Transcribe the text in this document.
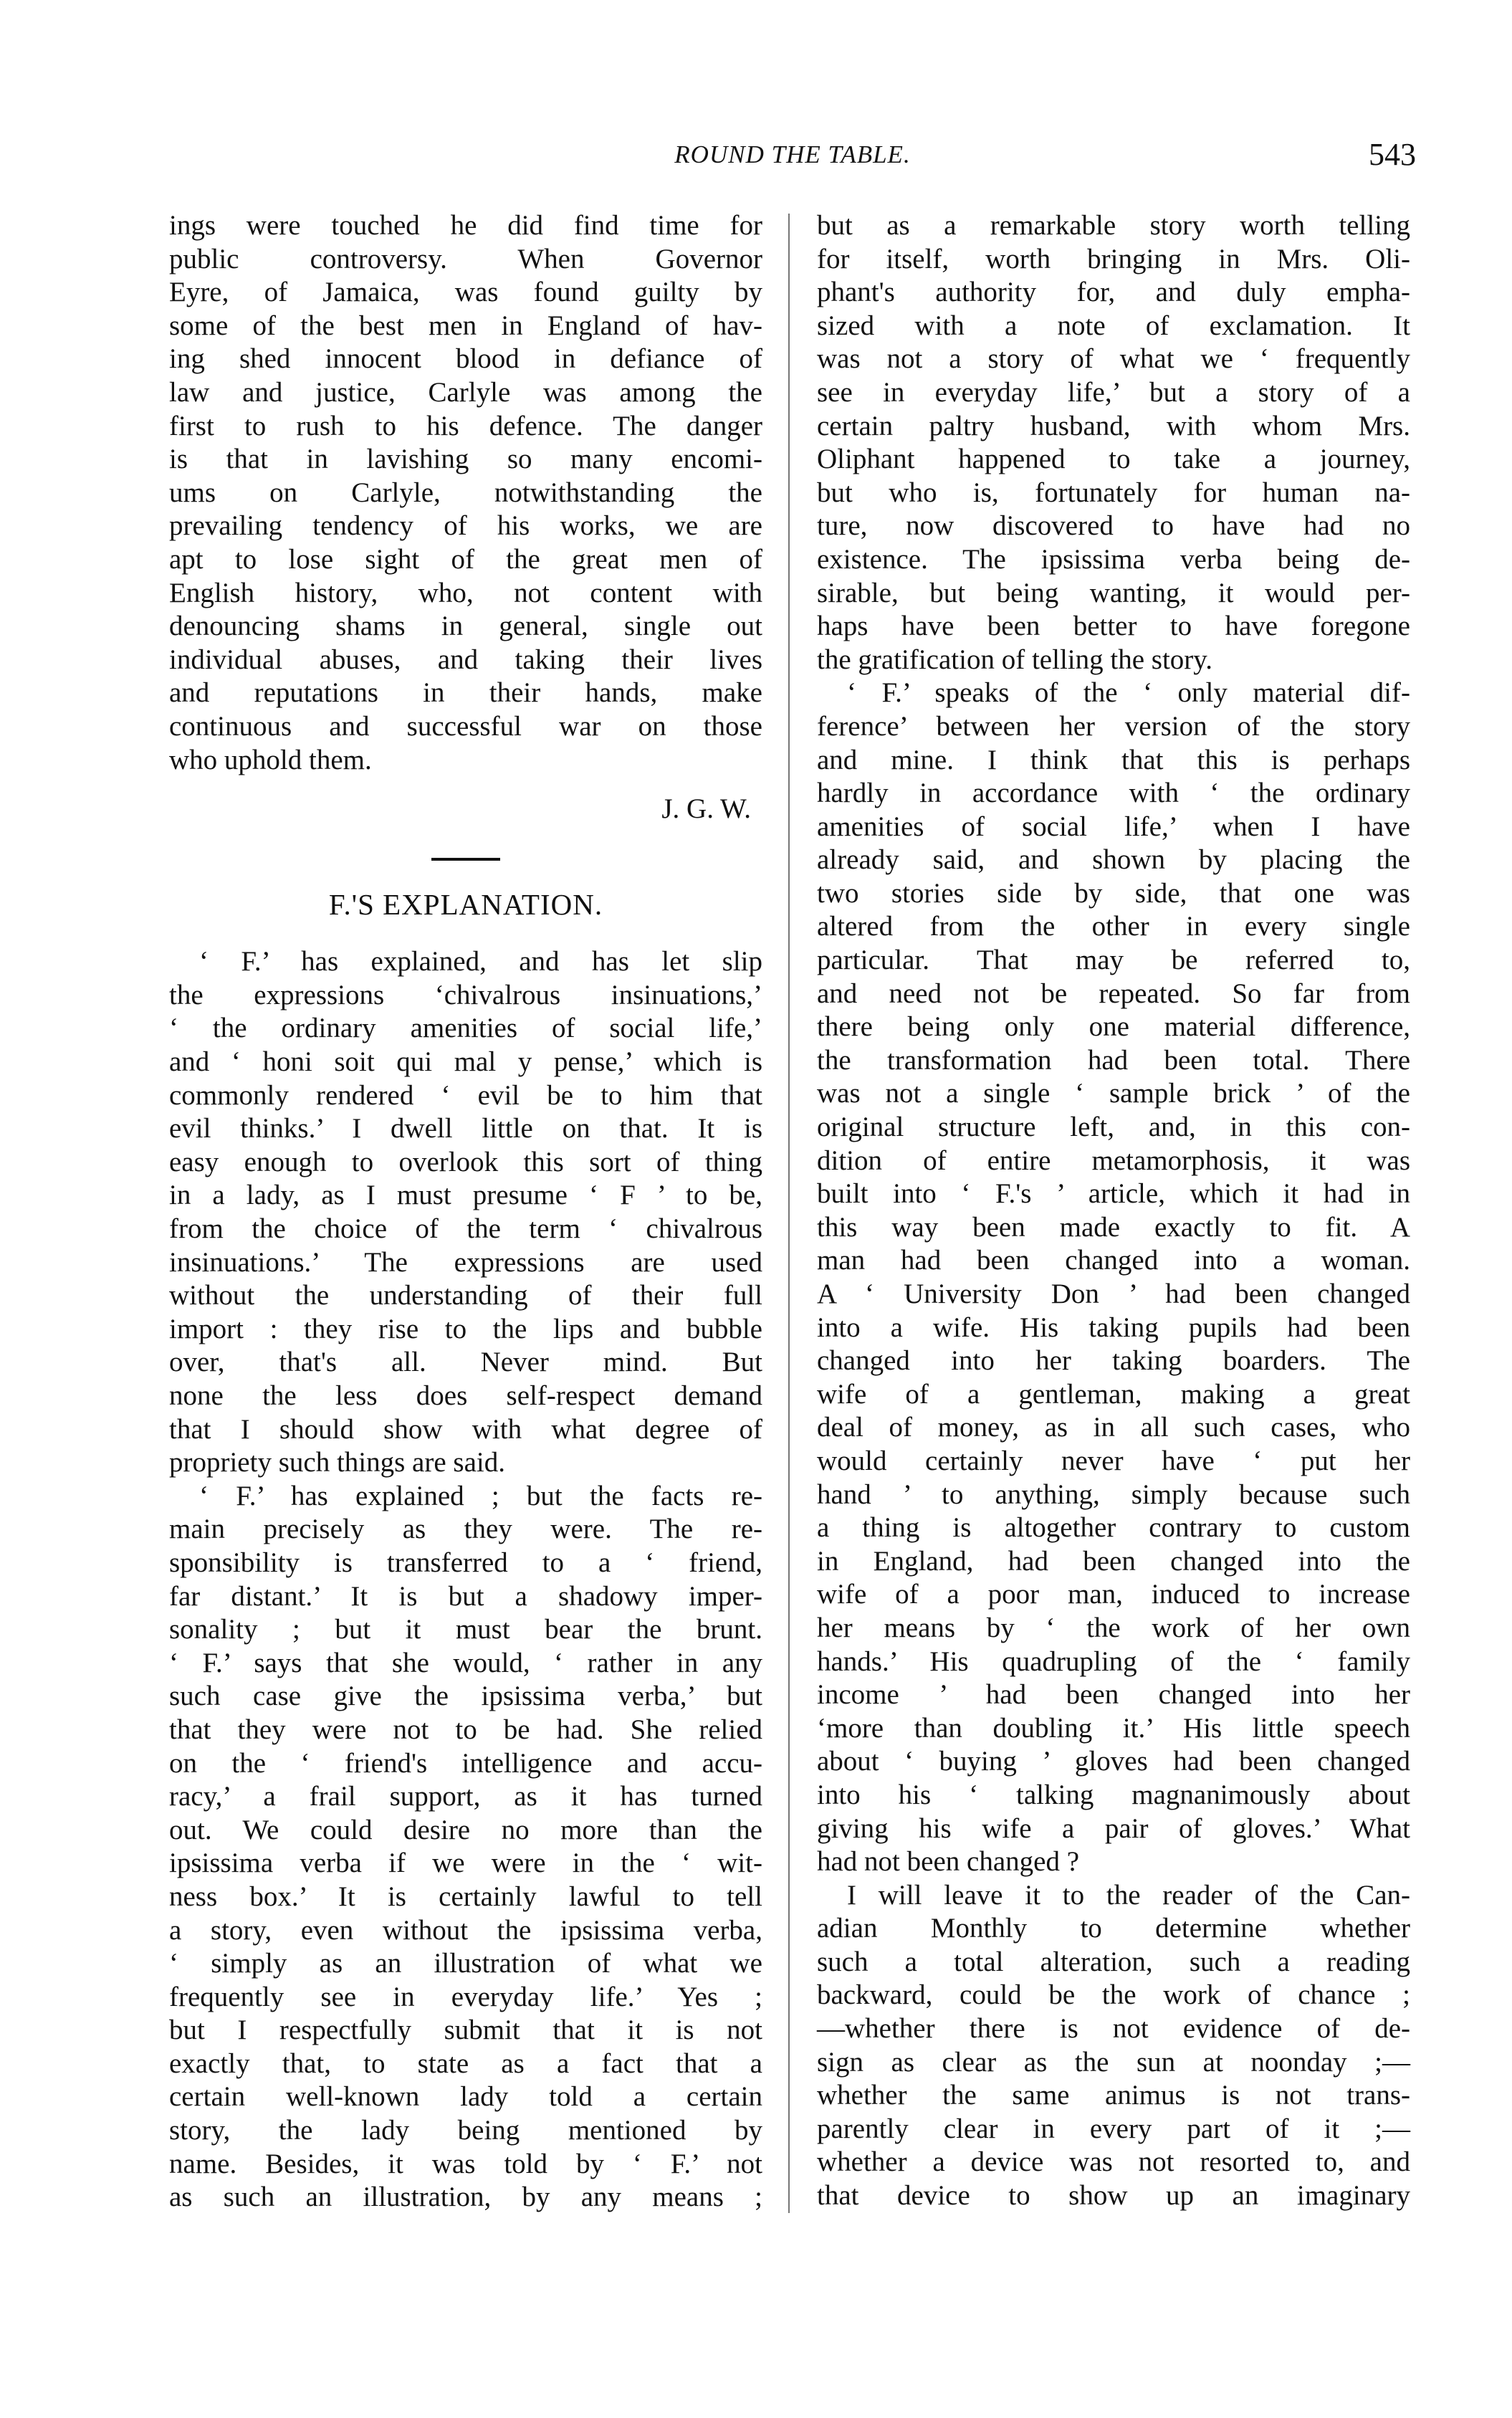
ROUND THE TABLE.	543
ings were touched he did find time for
public controversy. When Governor
Eyre, of Jamaica, was found guilty by
some of the best men in England of hav-
ing shed innocent blood in defiance of
law and justice, Carlyle was among the
first to rush to his defence. The danger
is that in lavishing so many encomi-
ums on Carlyle, notwithstanding the
prevailing tendency of his works, we are
apt to lose sight of the great men of
English history, who, not content with
denouncing shams in general, single out
individual abuses, and taking their lives
and reputations in their hands, make
continuous and successful war on those
who uphold them.
J. G. W.
F.'S EXPLANATION.
‘ F.’ has explained, and has let slip
the expressions ‘chivalrous insinuations,’
‘ the ordinary amenities of social life,’
and ‘ honi soit qui mal y pense,’ which is
commonly rendered ‘ evil be to him that
evil thinks.’ I dwell little on that. It is
easy enough to overlook this sort of thing
in a lady, as I must presume ‘ F ’ to be,
from the choice of the term ‘ chivalrous
insinuations.’ The expressions are used
without the understanding of their full
import : they rise to the lips and bubble
over, that's all. Never mind. But
none the less does self-respect demand
that I should show with what degree of
propriety such things are said.
‘ F.’ has explained ; but the facts re-
main precisely as they were. The re-
sponsibility is transferred to a ‘ friend,
far distant.’ It is but a shadowy imper-
sonality ; but it must bear the brunt.
‘ F.’ says that she would, ‘ rather in any
such case give the ipsissima verba,’ but
that they were not to be had. She relied
on the ‘ friend's intelligence and accu-
racy,’ a frail support, as it has turned
out. We could desire no more than the
ipsissima verba if we were in the ‘ wit-
ness box.’ It is certainly lawful to tell
a story, even without the ipsissima verba,
‘ simply as an illustration of what we
frequently see in everyday life.’ Yes ;
but I respectfully submit that it is not
exactly that, to state as a fact that a
certain well-known lady told a certain
story, the lady being mentioned by
name. Besides, it was told by ‘ F.’ not
as such an illustration, by any means ;
but as a remarkable story worth telling
for itself, worth bringing in Mrs. Oli-
phant's authority for, and duly empha-
sized with a note of exclamation. It
was not a story of what we ‘ frequently
see in everyday life,’ but a story of a
certain paltry husband, with whom Mrs.
Oliphant happened to take a journey,
but who is, fortunately for human na-
ture, now discovered to have had no
existence. The ipsissima verba being de-
sirable, but being wanting, it would per-
haps have been better to have foregone
the gratification of telling the story.
‘ F.’ speaks of the ‘ only material dif-
ference’ between her version of the story
and mine. I think that this is perhaps
hardly in accordance with ‘ the ordinary
amenities of social life,’ when I have
already said, and shown by placing the
two stories side by side, that one was
altered from the other in every single
particular. That may be referred to,
and need not be repeated. So far from
there being only one material difference,
the transformation had been total. There
was not a single ‘ sample brick ’ of the
original structure left, and, in this con-
dition of entire metamorphosis, it was
built into ‘ F.'s ’ article, which it had in
this way been made exactly to fit. A
man had been changed into a woman.
A ‘ University Don ’ had been changed
into a wife. His taking pupils had been
changed into her taking boarders. The
wife of a gentleman, making a great
deal of money, as in all such cases, who
would certainly never have ‘ put her
hand ’ to anything, simply because such
a thing is altogether contrary to custom
in England, had been changed into the
wife of a poor man, induced to increase
her means by ‘ the work of her own
hands.’ His quadrupling of the ‘ family
income ’ had been changed into her
‘more than doubling it.’ His little speech
about ‘ buying ’ gloves had been changed
into his ‘ talking magnanimously about
giving his wife a pair of gloves.’ What
had not been changed ?
I will leave it to the reader of the Can-
adian Monthly to determine whether
such a total alteration, such a reading
backward, could be the work of chance ;
—whether there is not evidence of de-
sign as clear as the sun at noonday ;—
whether the same animus is not trans-
parently clear in every part of it ;—
whether a device was not resorted to, and
that device to show up an imaginary
